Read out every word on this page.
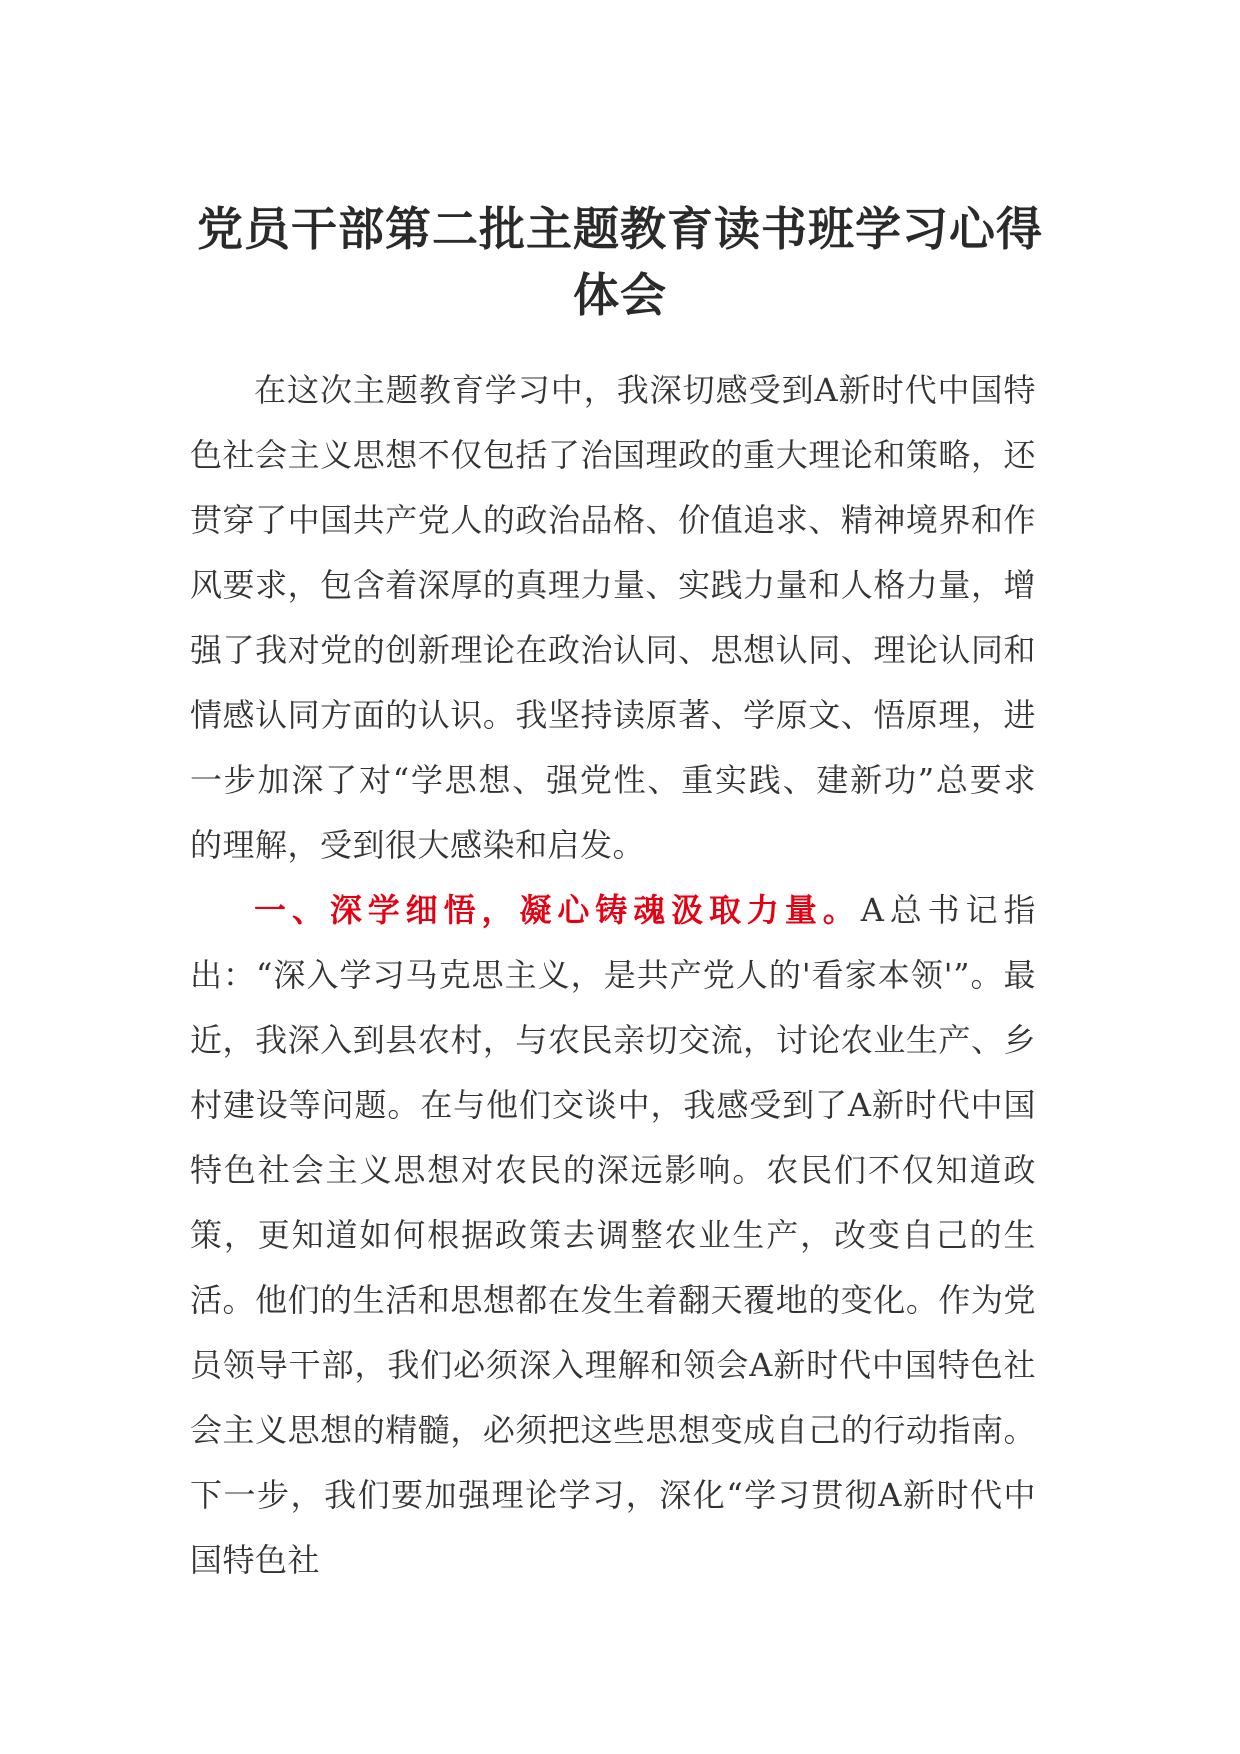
党员干部第二批主题教育读书班学习心得体会

在这次主题教育学习中，我深切感受到A新时代中国特色社会主义思想不仅包括了治国理政的重大理论和策略，还贯穿了中国共产党人的政治品格、价值追求、精神境界和作风要求，包含着深厚的真理力量、实践力量和人格力量，增强了我对党的创新理论在政治认同、思想认同、理论认同和情感认同方面的认识。我坚持读原著、学原文、悟原理，进一步加深了对“学思想、强党性、重实践、建新功”总要求的理解，受到很大感染和启发。

一、深学细悟，凝心铸魂汲取力量。A总书记指出：“深入学习马克思主义，是共产党人的'看家本领'”。最近，我深入到县农村，与农民亲切交流，讨论农业生产、乡村建设等问题。在与他们交谈中，我感受到了A新时代中国特色社会主义思想对农民的深远影响。农民们不仅知道政策，更知道如何根据政策去调整农业生产，改变自己的生活。他们的生活和思想都在发生着翻天覆地的变化。作为党员领导干部，我们必须深入理解和领会A新时代中国特色社会主义思想的精髓，必须把这些思想变成自己的行动指南。下一步，我们要加强理论学习，深化“学习贯彻A新时代中国特色社
